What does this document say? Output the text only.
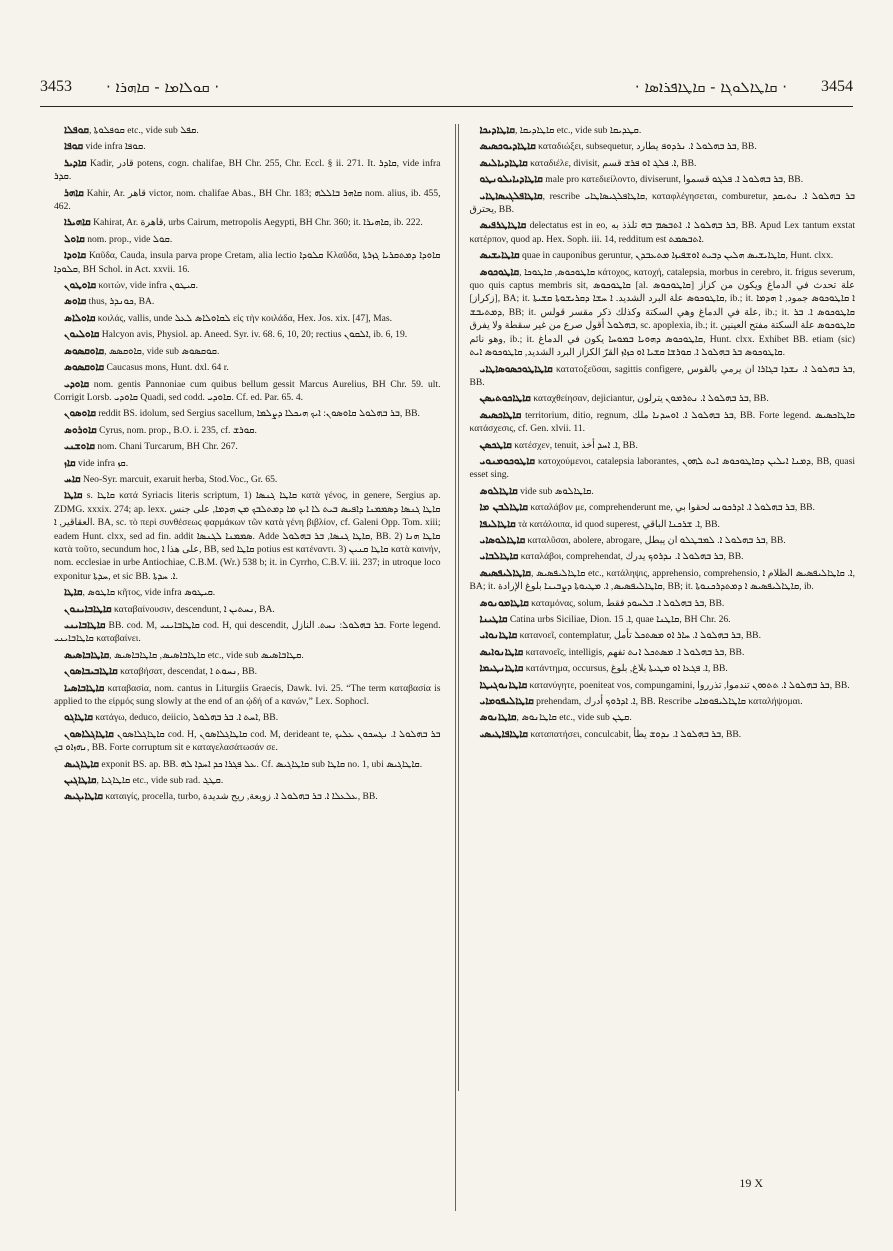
3453 · ܩܘܠܐܡܐ - ܩܐܗܪܐ ·	· ܩܐܛܐܠܘܓܐ - ܩܐܛܐܦܪܐܣܐ · 3454

ܩܘܦܠܐ, ܩܘܦܠܘܬܐ etc., vide sub ܩܦܠ.

ܩܘܦܐ vide infra ܩܘܦܐ.

ܩܐܕܝܪ Kadir, قادر potens, cogn. chalifae, BH Chr. 255, Chr. Eccl. § ii. 271. It. ܩܐܕܪ, vide infra ܩܕܪ.

ܩܐܗܪ Kahir, Ar. قاهر victor, nom. chalifae Abas., BH Chr. 183; ܩܐܗܪ ܒܐܠܠܗ nom. alius, ib. 455, 462.

ܩܐܗܝܪܐ Kahirat, Ar. قاهرة, urbs Cairum, metropolis Aegypti, BH Chr. 360; it. ܩܐܗܝܪܐ, ib. 222.

ܩܐܘܠ nom. prop., vide ܩܘܠ.

ܩܐܘܕܐ Καῦδα, Cauda, insula parva prope Cretam, alia lectio ܩܠܘܕܐ Κλαῦδα, ܩܐܘܕܐ ܕܡܬܩܪܝܐ ܓܙܪܬܐ ܩܠܘܕܐ, BH Schol. in Act. xxvii. 16.

ܩܐܘܛܘܢ κοιτών, vide infra ܩܝܛܘܢ.

ܩܐܘܣ thus, ܟܘܢܕܪ, BA.

ܩܐܘܠܐܣ κοιλάς, vallis, unde ܠܩܐܘܠܐܣ ܠܥܠ εἰς τὴν κοιλάδα, Hex. Jos. xix. [47], Mas.

ܩܐܘܠܝܘܢ Halcyon avis, Physiol. ap. Aneed. Syr. iv. 68. 6, 10, 20; rectius ܐܠܩܘܢ, ib. 6, 19.

ܩܐܘܩܣܘܣ, ܩܐܘܩܣܣ, vide sub ܩܘܩܣܘܣ.

ܩܐܘܩܣܘܣ Caucasus mons, Hunt. dxl. 64 r.

ܩܐܘܕܝ nom. gentis Pannoniae cum quibus bellum gessit Marcus Aurelius, BH Chr. 59. ult. Corrigit Lorsb. ܩܐܘܕܝ Quadi, sed codd. ܩܐܘܕܝ. Cf. ed. Par. 65. 4.

ܩܐܘܣܘܢ reddit BS. idolum, sed Sergius sacellum, ܒܪ ܒܗܠܘܠ ܩܐܘܣܘܢ: ܐܝܟ ܗܝܟܠܐ ܕܨܠܡܐ, BB.

ܩܐܘܪܘܣ Cyrus, nom. prop., B.O. i. 235, cf. ܩܘܪܫ.

ܩܐܘܫܢܝ nom. Chani Turcarum, BH Chr. 267.

ܩܐܙ vide infra ܩܙ.

ܩܐܚ Neo-Syr. marcuit, exaruit herba, Stod.Voc., Gr. 65.

ܩܐܛܐ s. ܩܐܛܐ κατά Syriacis literis scriptum, 1) ܩܐܛܐ ܓܢܣܐ κατὰ γένος, in genere, Sergius ap. ZDMG. xxxix. 274; ap. lexx. ܩܐܛܐ ܓܢܣܐ ܕܣܡܡܢܐ ܕܐܦܝܣ ܒܝܬ ܠܐ ܐܝܟ ܡܐ ܕܡܬܠܒܟ ܡܢ ܗܕܡܐ, على جنس العقاقير, ܐ. BA, sc. τὸ περὶ συνθέσεως φαρμάκων τῶν κατὰ γένη βιβλίον, cf. Galeni Opp. Tom. xiii; eadem Hunt. clxx, sed ad fin. addit ܣܡܡܢܐ ܠܓܢܣܐ. Adde ܩܐܛܐ ܓܢܣܐ, ܒܪ ܒܗܠܘܠ, BB. 2) ܩܐܛܐ ܗܢܐ κατὰ τοῦτο, secundum hoc, على هذا ܐ, BB, sed ܩܐܛܐ potius est κατέναντι. 3) ܩܐܛܐ ܩܢܝܢ κατὰ καινήν, nom. ecclesiae in urbe Antiochiae, C.B.M. (Wr.) 538 b; it. in Cyrrho, C.B.V. iii. 237; in utroque loco exponitur ܚܕܬܐ, et sic BB. ܐ. ܚܕܬܐ.

ܩܐܛܐ, ܩܐܛܘܣ κῆτος, vide infra ܩܝܛܘܣ.

ܩܐܛܐܒܐܝܢܘܢ καταβαίνουσιν, descendunt, ܢܚܬܝܢ ܐ, BA.

ܩܐܛܐܒܐܝܢܝ BB. cod. M, ܩܐܛܐܒܐܝܢܝ cod. H, qui descendit, ܒܪ ܒܗܠܘܠ: ܢܚܬ. النازل. Forte legend. ܩܐܛܐܒܐܝܢܝ καταβαίνει.

ܩܐܛܐܒܐܣܝܣ, ܩܐܛܐܒܐܣܝܣ, ܩܐܛܐܒܐܣܝܣ etc., vide sub ܩܛܐܒܐܣܝܣ.

ܩܐܛܐܒܝܒܐܣܘܢ καταβήσατ, descendat, ܢܚܘܬ ܐ, BB.

ܩܐܛܐܒܐܣܝܐ καταβασία, nom. cantus in Liturgiis Graecis, Dawk. lvi. 25. “The term καταβασία is applied to the εἱρμός sung slowly at the end of an ᾠδή of a κανών,” Lex. Sophocl.

ܩܐܛܐܓܘ κατάγω, deduco, deiicio, ܐܚܬ ܐ. ܒܪ ܒܗܠܘܠ, BB.

ܩܐܛܐܓܠܐܣܘܢ ܩܐܛܐܓܠܐܣܘܢ cod. H, ܩܐܛܐܓܠܐܣܘܢ cod. M, derideant te, ܒܪ ܒܗܠܘܠ ܐ. ܢܓܚܟܘܢ ܥܠܝܟ ܢܗܙܐܘ ܒܟ, BB. Forte corruptum sit e καταγελασάτωσάν σε.

ܩܐܛܐܓܝܣ exponit BS. ap. BB. ܥܠ ܦܓܪܐ ܟܕ ܐܚܕܐ ܠܗ. Cf. ܩܐܛܐܓܝܣ sub ܩܐܛܐ no. 1, ubi ܩܐܛܐܓܝܣ.

ܩܐܛܐܓܝܢ, ܩܐܛܐܓܝܐ etc., vide sub rad. ܩܛܓ.

ܩܐܛܐܝܓܝܣ καταιγίς, procella, turbo, ܥܠܥܠܐ ܐ. ܒܪ ܒܗܠܘܠ ܐ. زوبعة, ريح شديدة, BB.

ܩܐܛܐܕܝܟܐ, ܩܐܛܐܕܝܩܐ etc., vide sub ܩܛܕܝܩܐ.

ܩܐܛܐܕܝܘܟܣܝܣ καταδιώξει, subsequetur, ܒܪ ܒܗܠܘܠ ܐ. ܢܪܕܘܦ يطارد, BB.

ܩܐܛܐܕܝܐܠܝܣ καταδιέλε, divisit, ܐ. ܦܠܓ ܐܘ ܦܪܫ قسم, BB.

ܩܐܛܐܕܝܐܝܠܘܢܛܘ male pro κατεδιείλοντο, diviserunt, ܒܪ ܒܗܠܘܠ ܐ. ܦܠܓܘ قسموا, BB.

ܩܐܛܐܦܠܓܝܣܐܛܐܝ, rescribe ܩܐܛܐܦܠܓܝܣܐܛܐܝ, καταφλέγησεται, comburetur, ܒܪ ܒܗܠܘܠ ܐ. ܢܬܝܩܕ يحترق, BB.

ܩܐܛܐܛܪܦܝܣ delectatus est in eo, ܒܪ ܒܗܠܘܠ ܐ. ܐܬܒܣܡ ܒܗ تلذذ به, BB. Apud Lex tantum exstat κατέρπον, quod ap. Hex. Soph. iii. 14, redditum est ܐܬܒܣܡܬ.

ܩܐܛܐܝܫܝܣ quae in cauponibus geruntur, ܩܐܛܐܝܫܝܣ ܗܠܝܢ ܕܒܝܬ ܐܘܫܦܝܙܐ ܡܬܥܒܕܢ, Hunt. clxx.

ܩܐܛܘܟܘܣ, ܩܐܛܘܟܘܣ, ܩܐܛܘܟܐ κάτοχος, κατοχή, catalepsia, morbus in cerebro, it. frigus severum, quo quis captus membris sit, ܩܐܛܘܟܘܣ [al. ܩܐܛܘܟܘܣ] علة تحدث في الدماغ ويكون من كزاز [زكراز], BA; it. ܩܐܛܘܟܘܣ علة البرد الشديد. ܐ ܚܫܐ ܕܩܪܝܫܘܬܐ ܩܫܝܬܐ, ib.; it. ܐ ܩܐܛܘܟܘܣ جمود, ܐ ܗܕܡܐ ܕܡܬܝܒܫ, BB; it. علة في الدماغ وهي السكتة وكذلك ذكر مقسر قولس, ib.; it. ܩܐܛܘܟܘܣ ܐ. ܒܪ ܒܗܠܘܠ أقول صرع من غير سقطة ولا يفرق, sc. apoplexia, ib.; it. ܩܐܛܘܟܘܣ علة السكتة مفتح العينين وهو نائم, ib.; it. ܩܐܛܘܟܘܣ ܕܗܘܝܐ ܒܡܘܚܐ يكون في الدماغ, Hunt. clxx. Exhibet BB. etiam (sic) ܩܐܛܘܟܘܣ ܒܪ ܒܗܠܘܠ ܐ. ܩܘܪܫܐ ܩܫܝܐ ܐܘ ܟܙܐܙ القرّ الكزاز البرد الشديد, ܩܐܛܘܟܘܣ ܐܝܬ.

ܩܐܛܐܛܘܟܣܘܣܐܛܐܝ κατατοξεῦσαι, sagittis configere, ܒܪ ܒܗܠܘܠ ܐ. ܢܫܕܐ ܒܓܐܪܐ ان يرمي بالقوس, BB.

ܩܐܛܐܟܘܬܝܣܢ καταχθείησαν, dejiciantur, ܒܪ ܒܗܠܘܠ ܐ. ܢܬܪܡܘܢ يترلون, BB.

ܩܐܛܐܟܣܝܣ territorium, ditio, regnum, ܒܪ ܒܗܠܘܠ ܐ. ܐܘܚܕܢܐ ملك, BB. Forte legend. ܩܐܛܐܟܣܝܣ κατάσχεσις, cf. Gen. xlvii. 11.

ܩܐܛܟܣܢ κατέσχεν, tenuit, ܐ. ܐܚܕ أخذ, BB.

ܩܐܛܘܟܘܡܢܘܝ κατοχούμενοι, catalepsia laborantes, ܕܡܢܐ ܐܝܠܝܢ ܕܩܐܛܘܟܘܣ ܐܝܬ ܠܗܘܢ, BB, quasi esset sing.

ܩܐܛܐܠܘܣ vide sub ܩܐܛܐܠܘܣ.

ܩܐܛܐܠܒܢ ܡܐ καταλάβον με, comprehenderunt me, ܒܪ ܒܗܠܘܠ ܐ. ܐܕܪܟܘܢܝ لحقوا بي, BB.

ܩܐܛܐܠܝܦܐ τὰ κατάλοιπα, id quod superest, ܐ. ܫܪܟܢܐ الباقي, BB.

ܩܐܛܐܠܘܣܐܝ καταλῦσαι, abolere, abrogare, ܒܪ ܒܗܠܘܠ ܐ. ܠܡܒܛܠܘ ان يبطل, BB.

ܩܐܛܐܠܒܐܝ καταλάβοι, comprehendat, ܒܪ ܒܗܠܘܠ ܐ. ܢܕܪܘܟ يدرك, BB.

ܩܐܛܐܠܝܦܣܝܣ, ܩܐܛܐܠܝܦܣܝܣ etc., κατάληψις, apprehensio, comprehensio, ܐ. ܩܐܛܐܠܝܦܣܝܣ الظلام ܐ, BA; it. ܩܐܛܐܠܝܦܣܝܣ, ܐ. ܡܛܝܘܬܐ ܕܨܒܝܢܐ بلوغ الإرادة, BB; it. ܩܐܛܐܠܝܦܣܝܣ ܐ ܕܡܬܕܪܟܢܘܬܐ, ib.

ܩܐܛܐܡܘܢܘܣ καταμόνας, solum, ܒܪ ܒܗܠܘܠ ܐ. ܒܠܚܘܕ فقط, BB.

ܩܐܛܝܢܐ Catina urbs Siciliae, Dion. ܐ. 15, quae ܩܐܛܢܐ, BH Chr. 26.

ܩܐܛܐܢܘܐܝ κατανοεῖ, contemplatur, ܒܪ ܒܗܠܘܠ ܐ. ܚܐܪ ܐܘ ܡܣܬܟܠ تأمل, BB.

ܩܐܛܐܢܘܐܝܣ κατανοεῖς, intelligis, ܒܪ ܒܗܠܘܠ ܐ. ܡܣܬܟܠ ܐܢܬ تفهم, BB.

ܩܐܛܐܢܛܝܡܐ κατάντημα, occursus, ܐ. ܦܓܥܐ ܐܘ ܡܛܝܬܐ بلاغ, بلوغ, BB.

ܩܐܛܐܢܘܓܝܛܐ κατανύγητε, poeniteat vos, compungamini, ܒܪ ܒܗܠܘܠ ܐ. ܬܬܘܘܢ تندموا, تذرروا, BB.

ܩܐܛܐܠܝܦܘܡܐܝ prehendam, ܐ. ܐܕܪܘܟ أدرك, BB. Rescribe ܩܐܛܐܠܝܦܘܡܐܝ καταλήψομαι.

ܩܐܛܐܢܘܣ, ܩܐܛܐܢܘܣ etc., vide sub ܩܛܢ.

ܩܐܛܐܦܐܛܝܣܝ καταπατήσει, conculcabit, ܒܪ ܒܗܠܘܠ ܐ. ܢܕܘܫ يطأ, BB.

19 X
